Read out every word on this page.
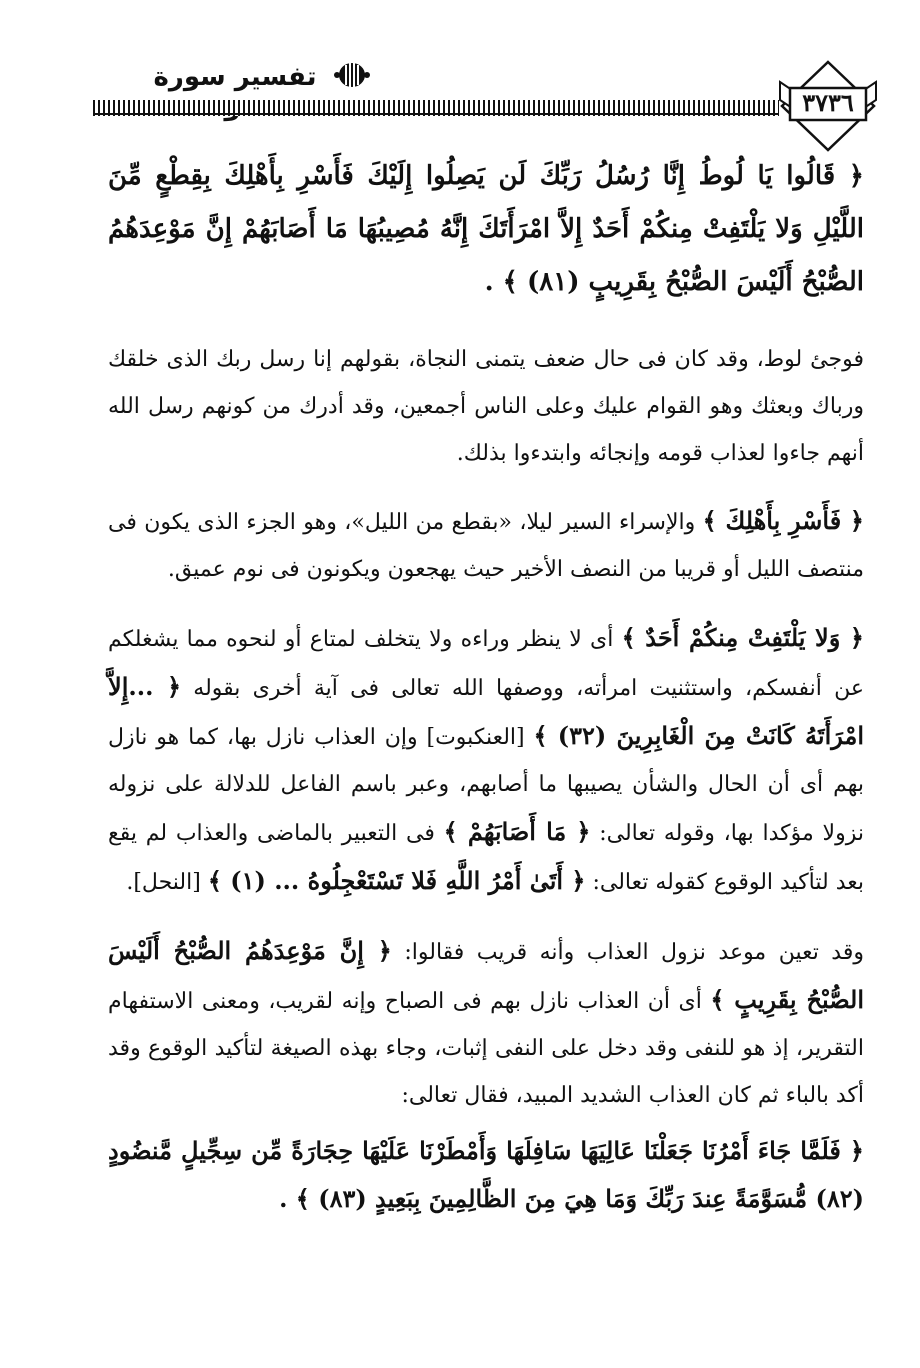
تفسير سورة
٣٧٣٦

﴿ قَالُوا يَا لُوطُ إِنَّا رُسُلُ رَبِّكَ لَن يَصِلُوا إِلَيْكَ فَأَسْرِ بِأَهْلِكَ بِقِطْعٍ مِّنَ اللَّيْلِ وَلا يَلْتَفِتْ مِنكُمْ أَحَدٌ إِلاَّ امْرَأَتَكَ إِنَّهُ مُصِيبُهَا مَا أَصَابَهُمْ إِنَّ مَوْعِدَهُمُ الصُّبْحُ أَلَيْسَ الصُّبْحُ بِقَرِيبٍ (٨١) ﴾ .

فوجئ لوط، وقد كان فى حال ضعف يتمنى النجاة، بقولهم إنا رسل ربك الذى خلقك ورباك وبعثك وهو القوام عليك وعلى الناس أجمعين، وقد أدرك من كونهم رسل الله أنهم جاءوا لعذاب قومه وإنجائه وابتدءوا بذلك.

﴿ فَأَسْرِ بِأَهْلِكَ ﴾ والإسراء السير ليلا، «بقطع من الليل»، وهو الجزء الذى يكون فى منتصف الليل أو قريبا من النصف الأخير حيث يهجعون ويكونون فى نوم عميق.

﴿ وَلا يَلْتَفِتْ مِنكُمْ أَحَدٌ ﴾ أى لا ينظر وراءه ولا يتخلف لمتاع أو لنحوه مما يشغلكم عن أنفسكم، واستثنيت امرأته، ووصفها الله تعالى فى آية أخرى بقوله ﴿ ...إِلاَّ امْرَأَتَهُ كَانَتْ مِنَ الْغَابِرِينَ (٣٢) ﴾ [العنكبوت] وإن العذاب نازل بها، كما هو نازل بهم أى أن الحال والشأن يصيبها ما أصابهم، وعبر باسم الفاعل للدلالة على نزوله نزولا مؤكدا بها، وقوله تعالى: ﴿ مَا أَصَابَهُمْ ﴾ فى التعبير بالماضى والعذاب لم يقع بعد لتأكيد الوقوع كقوله تعالى: ﴿ أَتَىٰ أَمْرُ اللَّهِ فَلا تَسْتَعْجِلُوهُ ... (١) ﴾ [النحل].

وقد تعين موعد نزول العذاب وأنه قريب فقالوا: ﴿ إِنَّ مَوْعِدَهُمُ الصُّبْحُ أَلَيْسَ الصُّبْحُ بِقَرِيبٍ ﴾ أى أن العذاب نازل بهم فى الصباح وإنه لقريب، ومعنى الاستفهام التقرير، إذ هو للنفى وقد دخل على النفى إثبات، وجاء بهذه الصيغة لتأكيد الوقوع وقد أكد بالباء ثم كان العذاب الشديد المبيد، فقال تعالى:

﴿ فَلَمَّا جَاءَ أَمْرُنَا جَعَلْنَا عَالِيَهَا سَافِلَهَا وَأَمْطَرْنَا عَلَيْهَا حِجَارَةً مِّن سِجِّيلٍ مَّنضُودٍ (٨٢) مُّسَوَّمَةً عِندَ رَبِّكَ وَمَا هِيَ مِنَ الظَّالِمِينَ بِبَعِيدٍ (٨٣) ﴾ .
